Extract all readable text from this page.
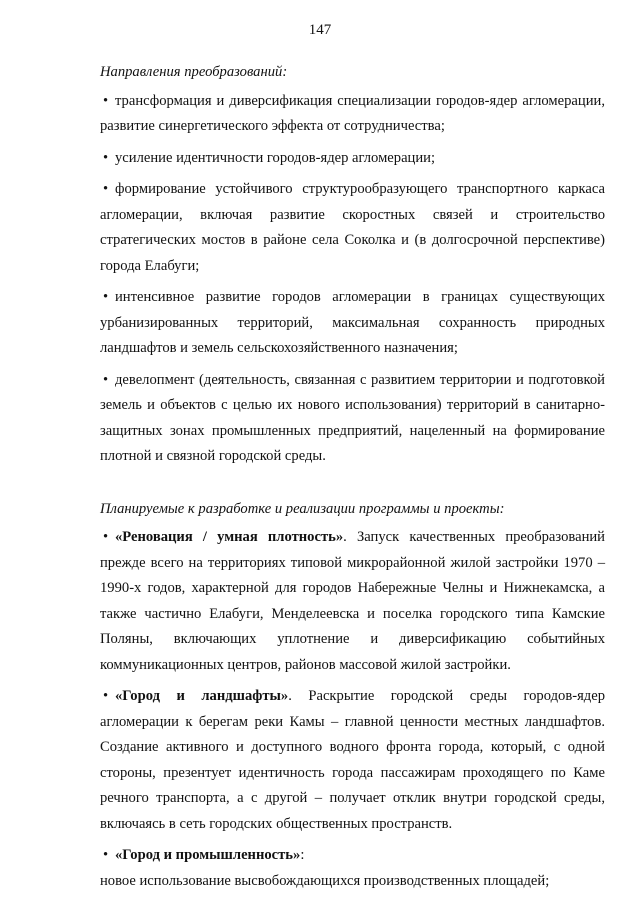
147

Направления преобразований:

• трансформация и диверсификация специализации городов-ядер агломерации, развитие синергетического эффекта от сотрудничества;

• усиление идентичности городов-ядер агломерации;

• формирование устойчивого структурообразующего транспортного каркаса агломерации, включая развитие скоростных связей и строительство стратегических мостов в районе села Соколка и (в долгосрочной перспективе) города Елабуги;

• интенсивное развитие городов агломерации в границах существующих урбанизированных территорий, максимальная сохранность природных ландшафтов и земель сельскохозяйственного назначения;

• девелопмент (деятельность, связанная с развитием территории и подготовкой земель и объектов с целью их нового использования) территорий в санитарно-защитных зонах промышленных предприятий, нацеленный на формирование плотной и связной городской среды.

Планируемые к разработке и реализации программы и проекты:

• «Реновация / умная плотность». Запуск качественных преобразований прежде всего на территориях типовой микрорайонной жилой застройки 1970 – 1990-х годов, характерной для городов Набережные Челны и Нижнекамска, а также частично Елабуги, Менделеевска и поселка городского типа Камские Поляны, включающих уплотнение и диверсификацию событийных коммуникационных центров, районов массовой жилой застройки.

• «Город и ландшафты». Раскрытие городской среды городов-ядер агломерации к берегам реки Камы – главной ценности местных ландшафтов. Создание активного и доступного водного фронта города, который, с одной стороны, презентует идентичность города пассажирам проходящего по Каме речного транспорта, а с другой – получает отклик внутри городской среды, включаясь в сеть городских общественных пространств.

• «Город и промышленность»:

новое использование высвобождающихся производственных площадей;
